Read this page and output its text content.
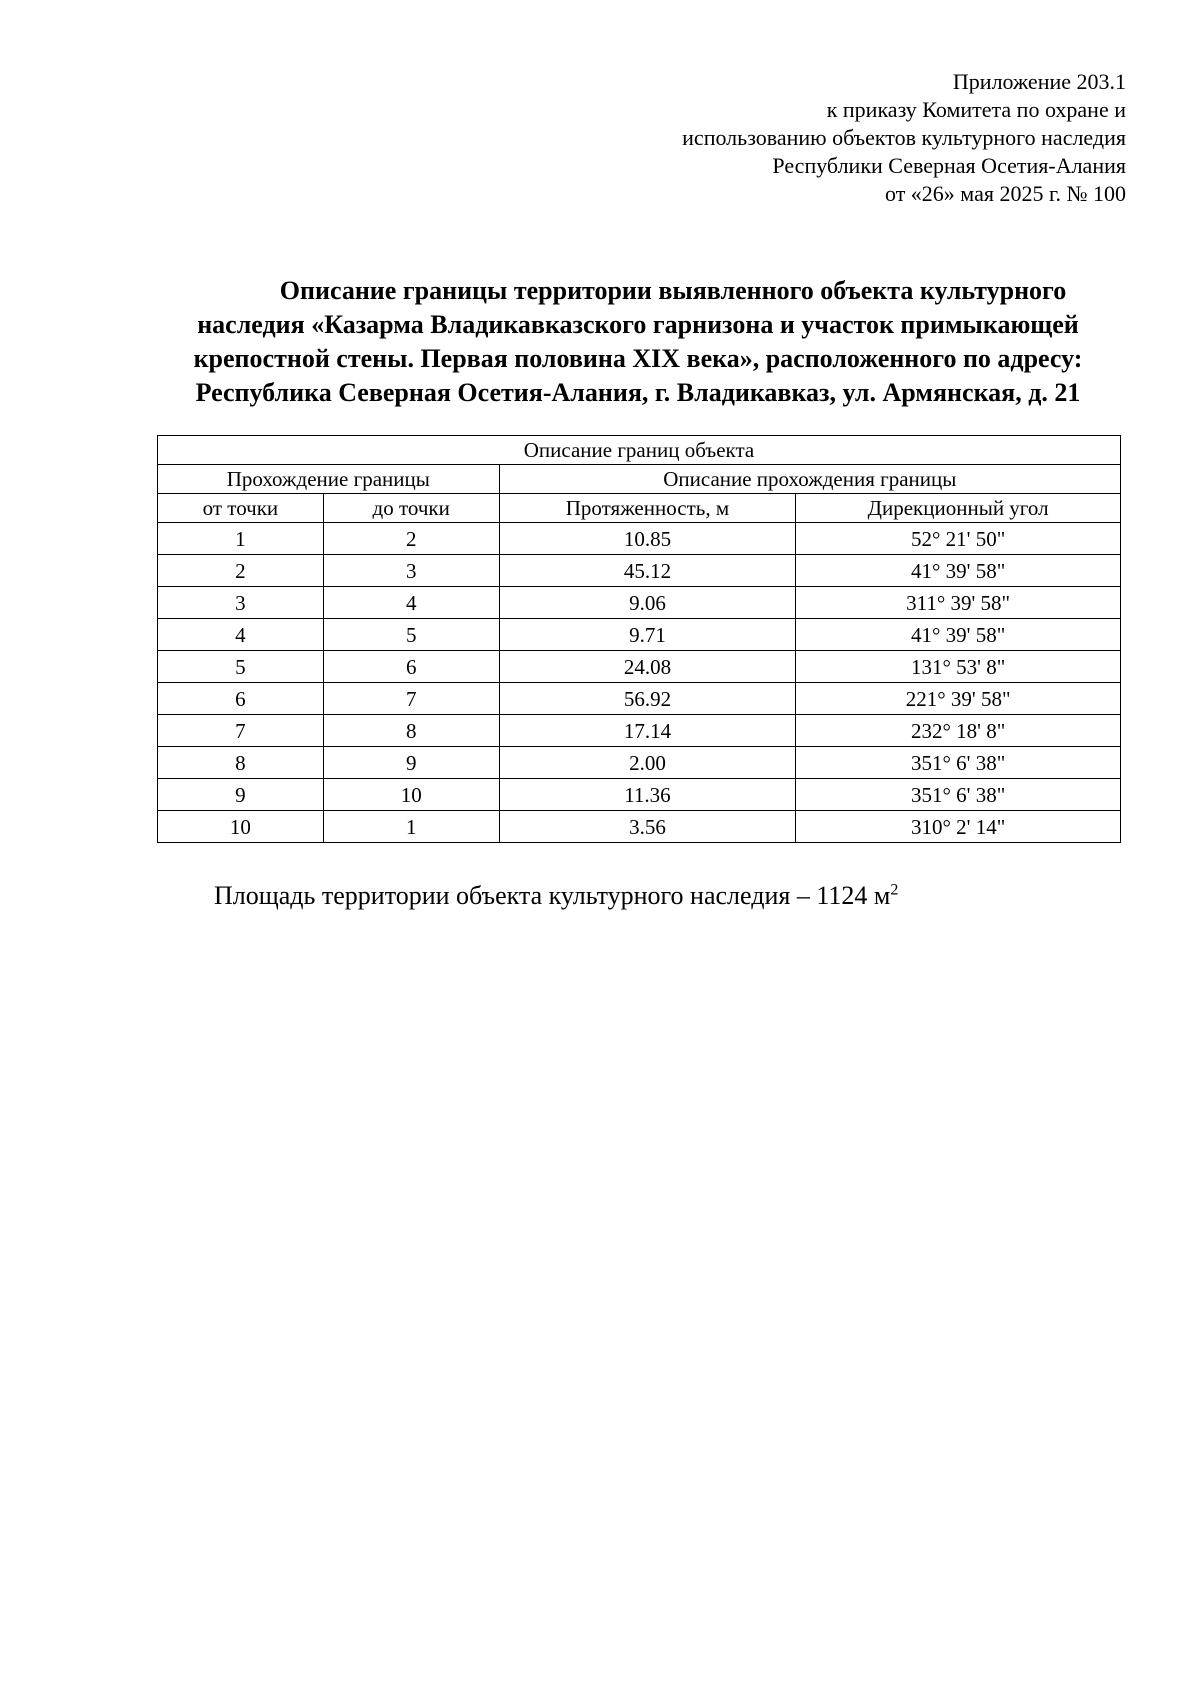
Приложение 203.1
к приказу Комитета по охране и
использованию объектов культурного наследия
Республики Северная Осетия-Алания
от «26» мая 2025 г. № 100
Описание границы территории выявленного объекта культурного
наследия «Казарма Владикавказского гарнизона и участок примыкающей
крепостной стены. Первая половина XIX века», расположенного по адресу:
Республика Северная Осетия-Алания, г. Владикавказ, ул. Армянская, д. 21
Описание границ объекта			
Прохождение границы		Описание прохождения границы	
от точки	до точки	Протяженность, м	Дирекционный угол
1	2	10.85	52° 21' 50"
2	3	45.12	41° 39' 58"
3	4	9.06	311° 39' 58"
4	5	9.71	41° 39' 58"
5	6	24.08	131° 53' 8"
6	7	56.92	221° 39' 58"
7	8	17.14	232° 18' 8"
8	9	2.00	351° 6' 38"
9	10	11.36	351° 6' 38"
10	1	3.56	310° 2' 14"
Площадь территории объекта культурного наследия – 1124 $м^2$
